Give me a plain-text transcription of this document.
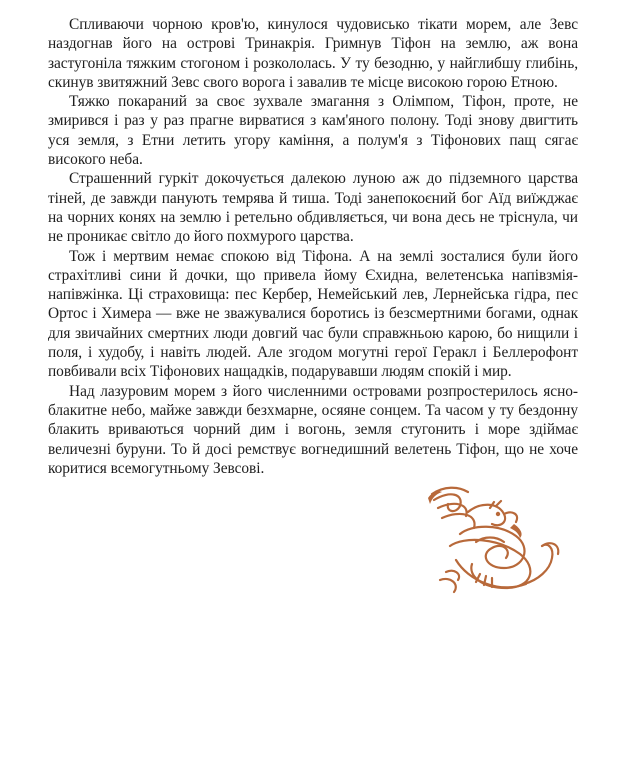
Спливаючи чорною кров'ю, кинулося чудовисько тікати морем, але Зевс наздогнав його на острові Тринакрія. Гримнув Тіфон на землю, аж вона застугоніла тяжким стогоном і розкололась. У ту безодню, у найглибшу глибінь, скинув звитяжний Зевс свого ворога і завалив те місце високою горою Етною.

Тяжко покараний за своє зухвале змагання з Олімпом, Тіфон, проте, не змирився і раз у раз прагне вирватися з кам'яного полону. Тоді знову двигтить уся земля, з Етни летить угору каміння, а полум'я з Тіфонових пащ сягає високого неба.

Страшенний гуркіт докочується далекою луною аж до підземного царства тіней, де завжди панують темрява й тиша. Тоді занепокоєний бог Аїд виїжджає на чорних конях на землю і ретельно обдивляється, чи вона десь не тріснула, чи не проникає світло до його похмурого царства.

Тож і мертвим немає спокою від Тіфона. А на землі зосталися були його страхітливі сини й дочки, що привела йому Єхидна, велетенська напівзмія-напівжінка. Ці страховища: пес Кербер, Немейський лев, Лернейська гідра, пес Ортос і Химера — вже не зважувалися боротись із безсмертними богами, однак для звичайних смертних люди довгий час були справжньою карою, бо нищили і поля, і худобу, і навіть людей. Але згодом могутні герої Геракл і Беллерофонт повбивали всіх Тіфонових нащадків, подарувавши людям спокій і мир.

Над лазуровим морем з його численними островами розпростерилось ясно-блакитне небо, майже завжди безхмарне, осяяне сонцем. Та часом у ту бездонну блакить вриваються чорний дим і вогонь, земля стугонить і море здіймає величезні буруни. То й досі ремствує вогнедишний велетень Тіфон, що не хоче коритися всемогутньому Зевсові.
